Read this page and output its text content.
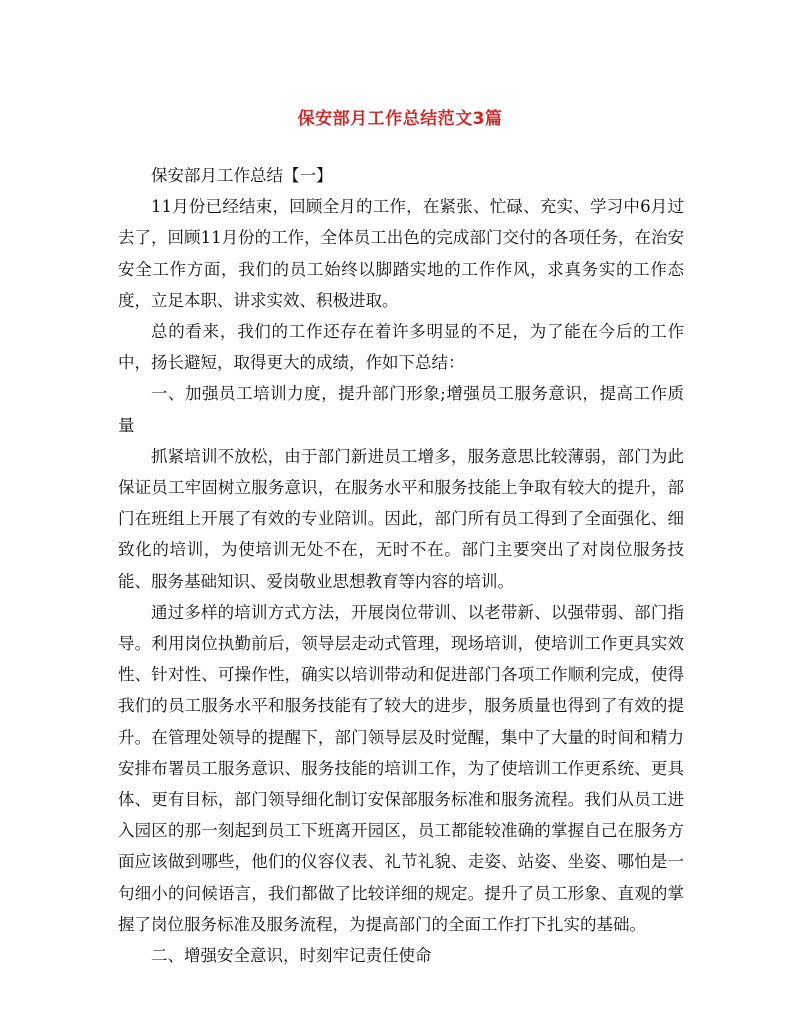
保安部月工作总结范文3篇

保安部月工作总结【一】

11月份已经结束，回顾全月的工作，在紧张、忙碌、充实、学习中6月过去了，回顾11月份的工作，全体员工出色的完成部门交付的各项任务，在治安安全工作方面，我们的员工始终以脚踏实地的工作作风，求真务实的工作态度，立足本职、讲求实效、积极进取。

总的看来，我们的工作还存在着许多明显的不足，为了能在今后的工作中，扬长避短，取得更大的成绩，作如下总结：

一、加强员工培训力度，提升部门形象;增强员工服务意识，提高工作质量

抓紧培训不放松，由于部门新进员工增多，服务意思比较薄弱，部门为此保证员工牢固树立服务意识，在服务水平和服务技能上争取有较大的提升，部门在班组上开展了有效的专业陪训。因此，部门所有员工得到了全面强化、细致化的培训，为使培训无处不在，无时不在。部门主要突出了对岗位服务技能、服务基础知识、爱岗敬业思想教育等内容的培训。

通过多样的培训方式方法，开展岗位带训、以老带新、以强带弱、部门指导。利用岗位执勤前后，领导层走动式管理，现场培训，使培训工作更具实效性、针对性、可操作性，确实以培训带动和促进部门各项工作顺利完成，使得我们的员工服务水平和服务技能有了较大的进步，服务质量也得到了有效的提升。在管理处领导的提醒下，部门领导层及时觉醒，集中了大量的时间和精力安排布署员工服务意识、服务技能的培训工作，为了使培训工作更系统、更具体、更有目标，部门领导细化制订安保部服务标准和服务流程。我们从员工进入园区的那一刻起到员工下班离开园区，员工都能较准确的掌握自己在服务方面应该做到哪些，他们的仪容仪表、礼节礼貌、走姿、站姿、坐姿、哪怕是一句细小的问候语言，我们都做了比较详细的规定。提升了员工形象、直观的掌握了岗位服务标准及服务流程，为提高部门的全面工作打下扎实的基础。

二、增强安全意识，时刻牢记责任使命
